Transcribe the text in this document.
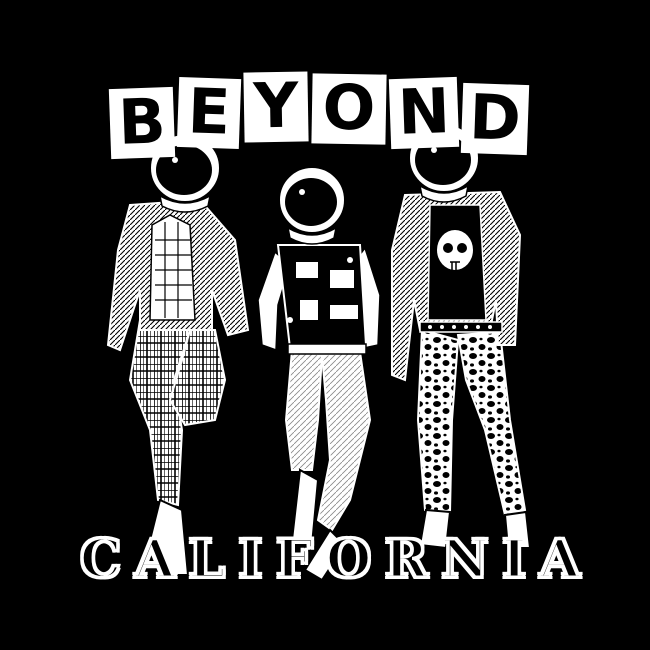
B E Y O N D
C A L I F O R N I A
